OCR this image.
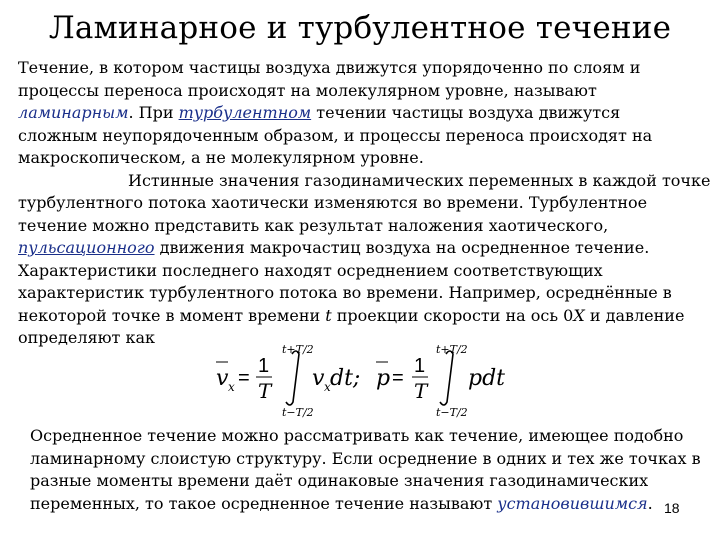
Ламинарное и турбулентное течение
Течение, в котором частицы воздуха движутся упорядоченно по слоям и
процессы переноса происходят на молекулярном уровне, называют
ламинарным. При турбулентном течении частицы воздуха движутся
сложным неупорядоченным образом, и процессы переноса происходят на
макроскопическом, а не молекулярном уровне.
Истинные значения газодинамических переменных в каждой точке
турбулентного потока хаотически изменяются во времени. Турбулентное
течение можно представить как результат наложения хаотического,
пульсационного движения макрочастиц воздуха на осредненное течение.
Характеристики последнего находят осреднением соответствующих
характеристик турбулентного потока во времени. Например, осреднённые в
некоторой точке в момент времени t проекции скорости на ось 0X и давление
определяют как
v x =
1
T
t+T/2
t−T/2
v x dt; p =
1
T
t+T/2
t−T/2
pdt
Осредненное течение можно рассматривать как течение, имеющее подобно
ламинарному слоистую структуру. Если осреднение в одних и тех же точках в
разные моменты времени даёт одинаковые значения газодинамических
переменных, то такое осредненное течение называют установившимся. 18
